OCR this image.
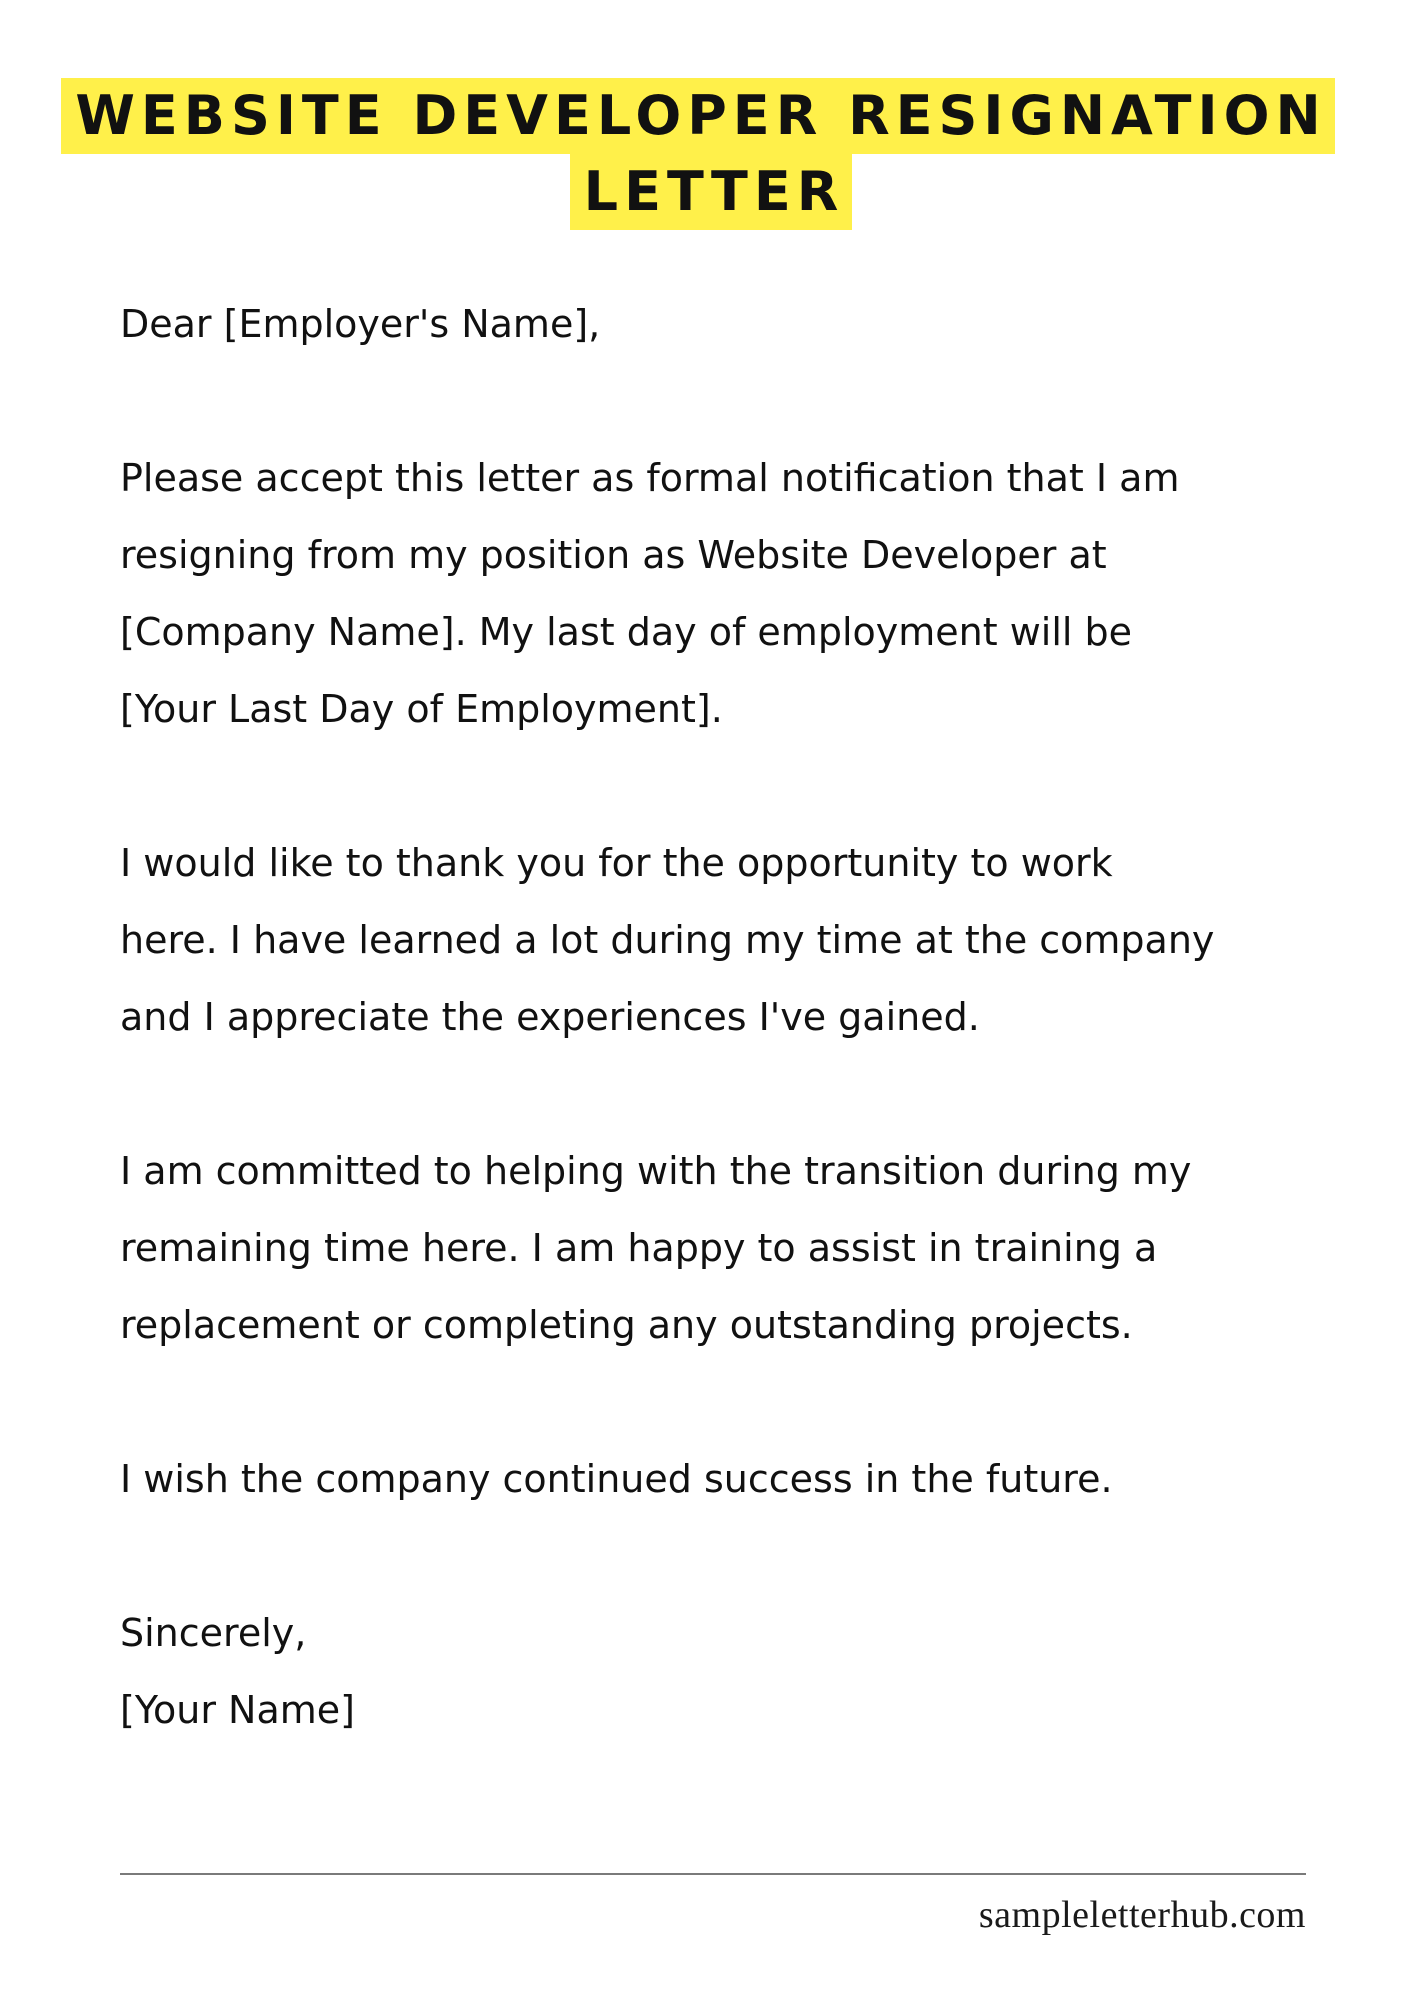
WEBSITE DEVELOPER RESIGNATION
LETTER

Dear [Employer's Name],

Please accept this letter as formal notification that I am
resigning from my position as Website Developer at
[Company Name]. My last day of employment will be
[Your Last Day of Employment].

I would like to thank you for the opportunity to work
here. I have learned a lot during my time at the company
and I appreciate the experiences I've gained.

I am committed to helping with the transition during my
remaining time here. I am happy to assist in training a
replacement or completing any outstanding projects.

I wish the company continued success in the future.

Sincerely,
[Your Name]

sampleletterhub.com
